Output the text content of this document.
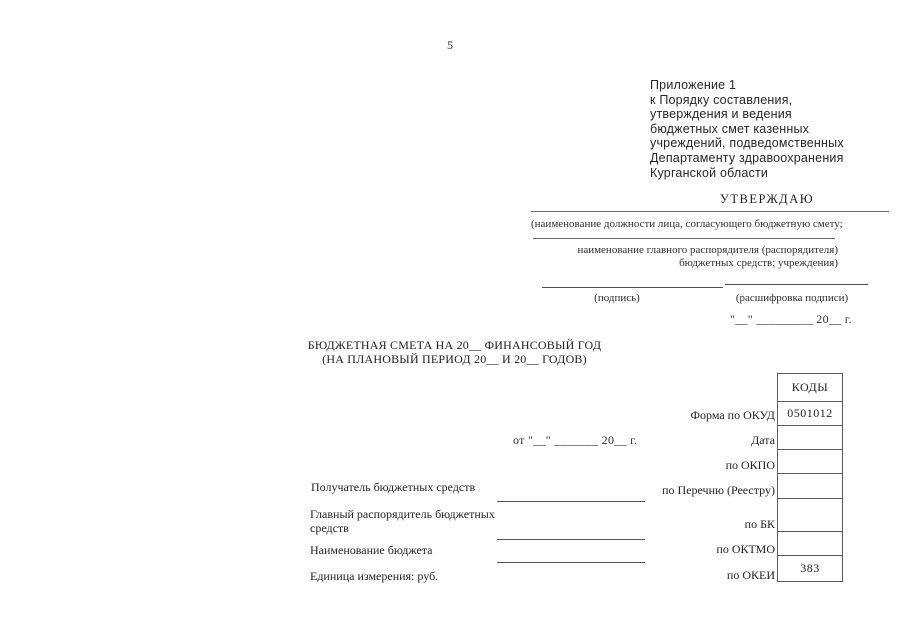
5
Приложение 1
к Порядку составления,
утверждения и ведения
бюджетных смет казенных
учреждений, подведомственных
Департаменту здравоохранения
Курганской области
УТВЕРЖДАЮ
(наименование должности лица, согласующего бюджетную смету;
наименование главного распорядителя (распорядителя)
бюджетных средств; учреждения)
(подпись)	(расшифровка подписи)
"__" _________ 20__ г.
БЮДЖЕТНАЯ СМЕТА НА 20__ ФИНАНСОВЫЙ ГОД
(НА ПЛАНОВЫЙ ПЕРИОД 20__ И 20__ ГОДОВ)
от "__" _______ 20__ г.
Получатель бюджетных средств
Главный распорядитель бюджетных средств
Наименование бюджета
Единица измерения: руб.
Форма по ОКУД
Дата
по ОКПО
по Перечню (Реестру)
по БК
по ОКТМО
по ОКЕИ
КОДЫ
0501012
383
